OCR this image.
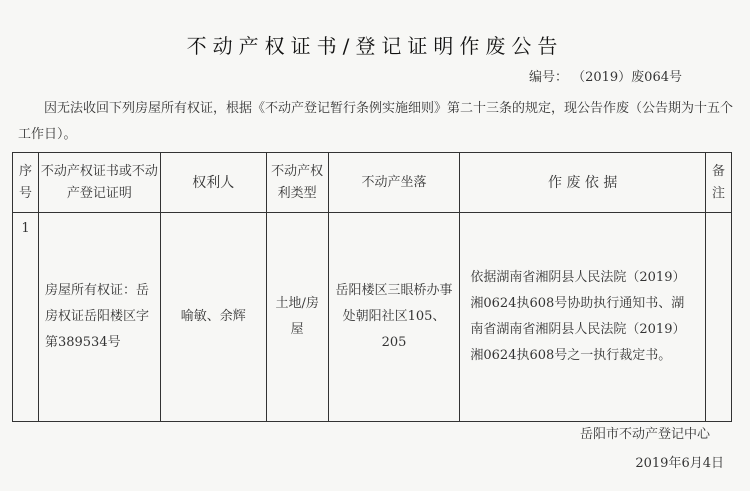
不动产权证书/登记证明作废公告
编号： （2019）废064号
因无法收回下列房屋所有权证，根据《不动产登记暂行条例实施细则》第二十三条的规定，现公告作废（公告期为十五个工作日）。
序号	不动产权证书或不动产登记证明	权利人	不动产权利类型	不动产坐落	作 废 依 据	备注
1	房屋所有权证：岳房权证岳阳楼区字第389534号	喻敏、余辉	土地/房屋	岳阳楼区三眼桥办事处朝阳社区105、205	依据湖南省湘阴县人民法院（2019）湘0624执608号协助执行通知书、湖南省湖南省湘阴县人民法院（2019）湘0624执608号之一执行裁定书。	
岳阳市不动产登记中心
2019年6月4日
